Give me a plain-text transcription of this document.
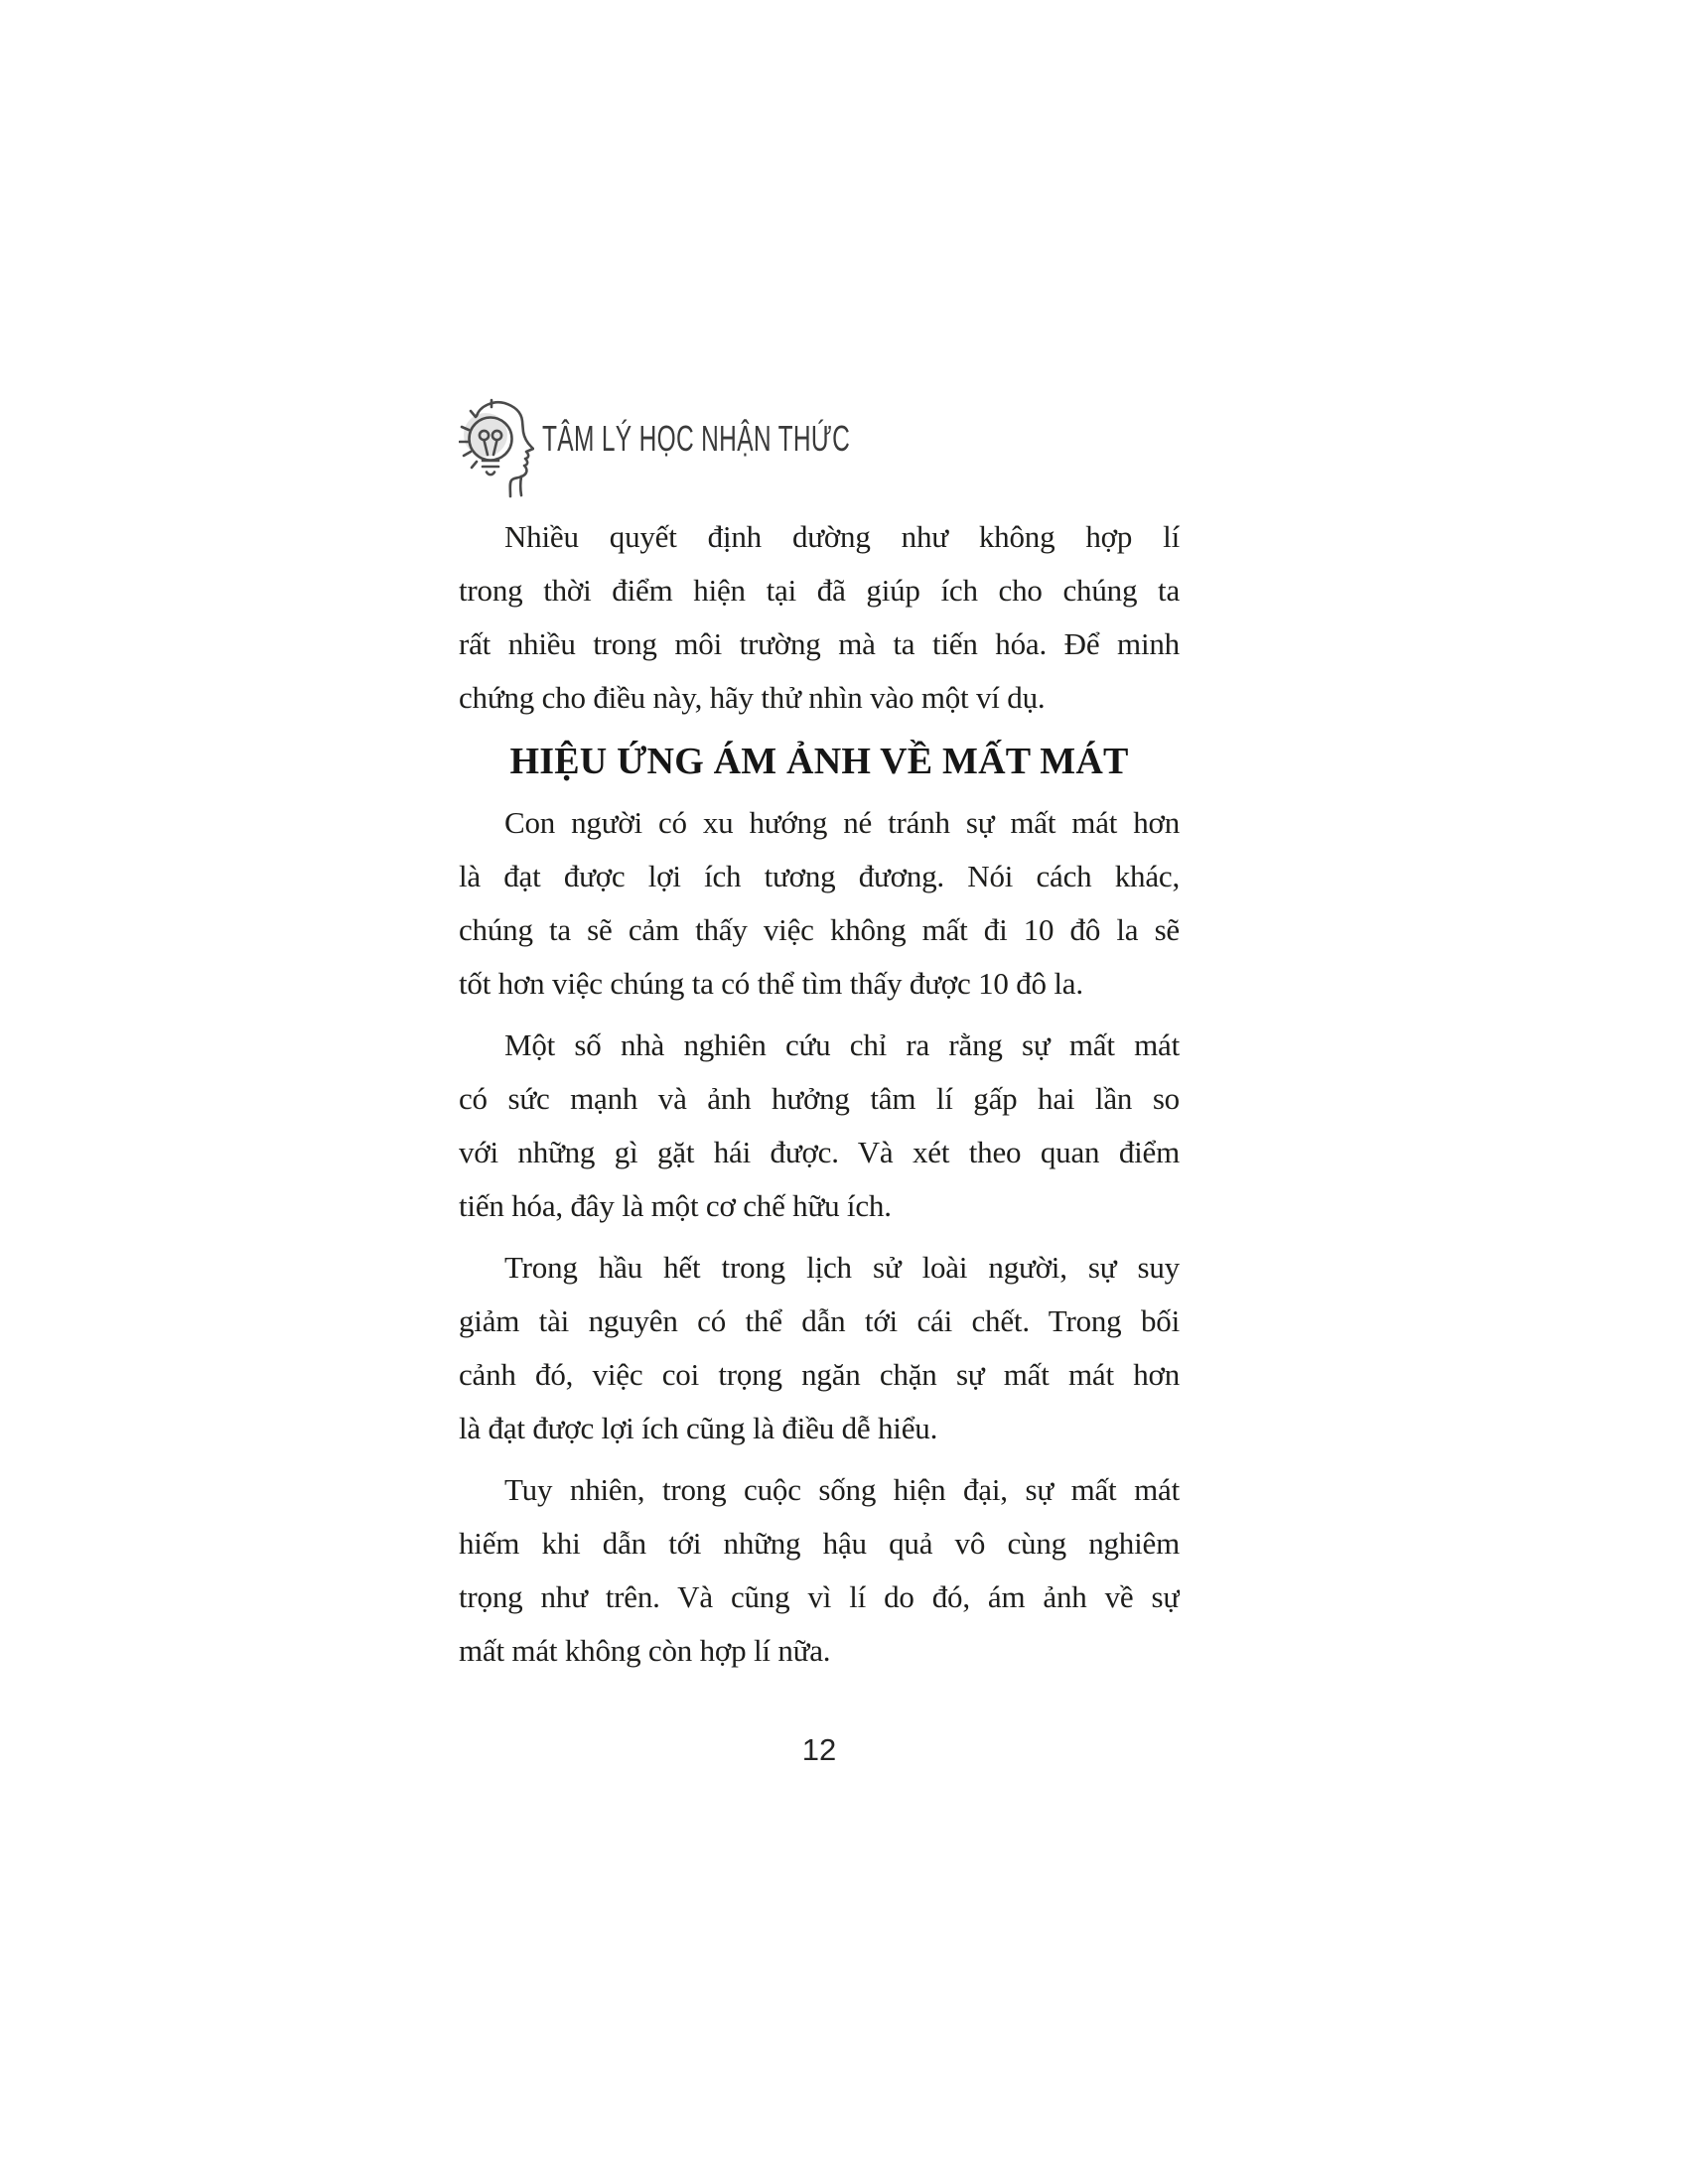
TÂM LÝ HỌC NHẬN THỨC
Nhiều quyết định dường như không hợp lí
trong thời điểm hiện tại đã giúp ích cho chúng ta
rất nhiều trong môi trường mà ta tiến hóa. Để minh
chứng cho điều này, hãy thử nhìn vào một ví dụ.
HIỆU ỨNG ÁM ẢNH VỀ MẤT MÁT
Con người có xu hướng né tránh sự mất mát hơn
là đạt được lợi ích tương đương. Nói cách khác,
chúng ta sẽ cảm thấy việc không mất đi 10 đô la sẽ
tốt hơn việc chúng ta có thể tìm thấy được 10 đô la.
Một số nhà nghiên cứu chỉ ra rằng sự mất mát
có sức mạnh và ảnh hưởng tâm lí gấp hai lần so
với những gì gặt hái được. Và xét theo quan điểm
tiến hóa, đây là một cơ chế hữu ích.
Trong hầu hết trong lịch sử loài người, sự suy
giảm tài nguyên có thể dẫn tới cái chết. Trong bối
cảnh đó, việc coi trọng ngăn chặn sự mất mát hơn
là đạt được lợi ích cũng là điều dễ hiểu.
Tuy nhiên, trong cuộc sống hiện đại, sự mất mát
hiếm khi dẫn tới những hậu quả vô cùng nghiêm
trọng như trên. Và cũng vì lí do đó, ám ảnh về sự
mất mát không còn hợp lí nữa.
12
